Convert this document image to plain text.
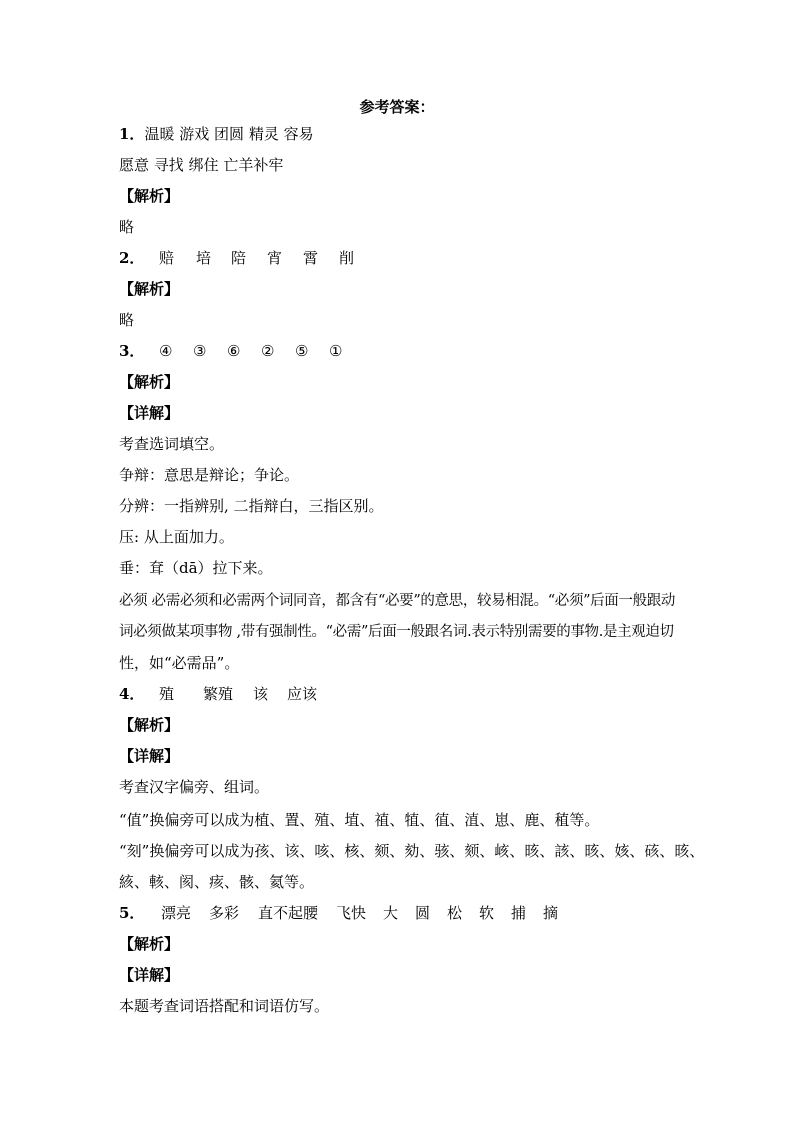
参考答案：
1．温暖 游戏 团圆 精灵 容易
愿意 寻找 绑住 亡羊补牢
【解析】
略
2． 赔 培 陪 宵 霄 削
【解析】
略
3． ④ ③ ⑥ ② ⑤ ①
【解析】
【详解】
考查选词填空。
争辩：意思是辩论；争论。
分辨：一指辨别, 二指辩白，三指区别。
压: 从上面加力。
垂：耷（dā）拉下来。
必须 必需必须和必需两个词同音，都含有“必要”的意思，较易相混。“必须”后面一般跟动
词必须做某项事物 ,带有强制性。“必需”后面一般跟名词.表示特别需要的事物.是主观迫切
性，如“必需品”。
4． 殖 繁殖 该 应该
【解析】
【详解】
考查汉字偏旁、组词。
“值”换偏旁可以成为植、置、殖、埴、禃、犆、徝、淔、崽、鹿、稙等。
“刻”换偏旁可以成为孩、该、咳、核、颏、劾、骇、颏、峐、晐、該、晐、姟、硋、晐、
絯、輆、阂、痎、骸、氦等。
5． 漂亮 多彩 直不起腰 飞快 大 圆 松 软 捕 摘
【解析】
【详解】
本题考查词语搭配和词语仿写。
